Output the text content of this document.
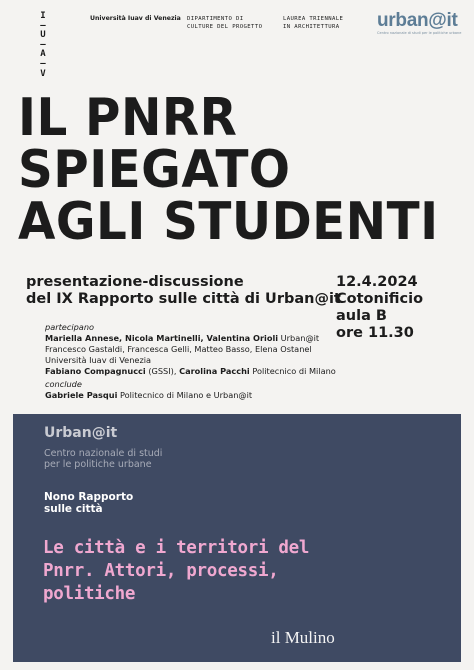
I
–
U
–
A
–
V
Università Iuav di Venezia DIPARTIMENTO DI
CULTURE DEL PROGETTO
LAUREA TRIENNALE
IN ARCHITETTURA urban@it
Centro nazionale di studi per le politiche urbane
IL PNRR
SPIEGATO
AGLI STUDENTI
presentazione-discussione
del IX Rapporto sulle città di Urban@it
12.4.2024
Cotonificio
aula B
ore 11.30
partecipano

Mariella Annese, Nicola Martinelli, Valentina Orioli Urban@it

Francesco Gastaldi, Francesca Gelli, Matteo Basso, Elena Ostanel

Università Iuav di Venezia

Fabiano Compagnucci (GSSI), Carolina Pacchi Politecnico di Milano

conclude

Gabriele Pasqui Politecnico di Milano e Urban@it

Urban@it
Centro nazionale di studi
per le politiche urbane
Nono Rapporto
sulle città
Le città e i territori del
Pnrr. Attori, processi,
politiche
il Mulino
